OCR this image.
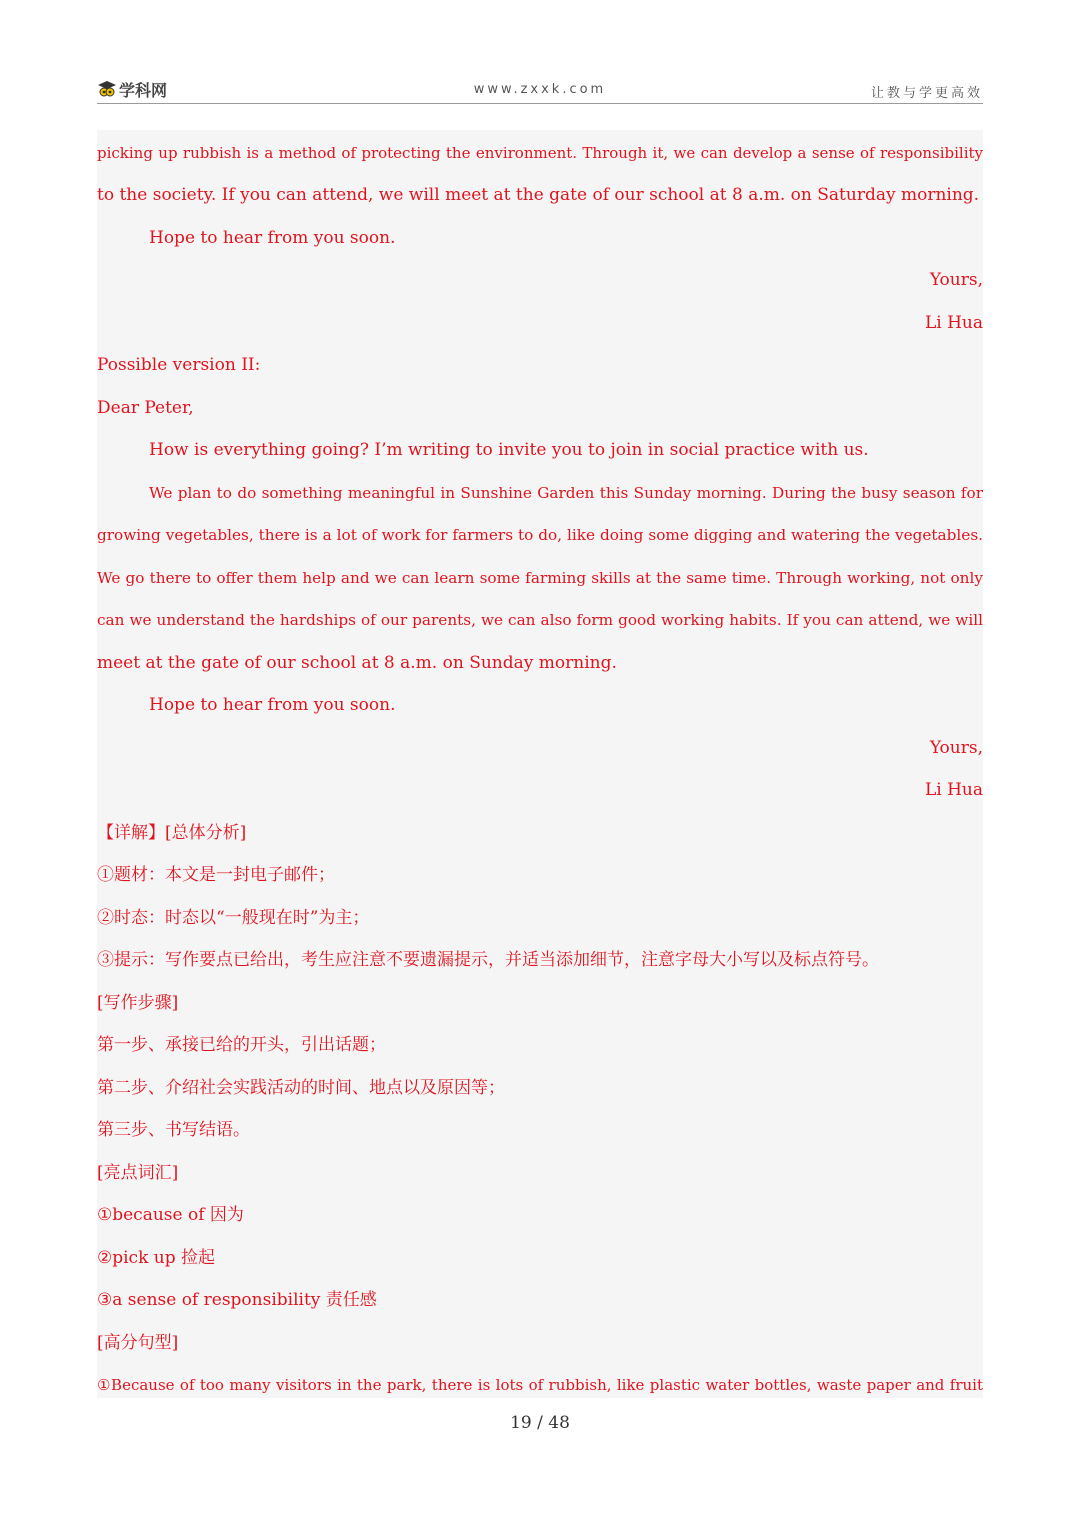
学科网	www.zxxk.com	让教与学更高效
picking up rubbish is a method of protecting the environment. Through it, we can develop a sense of responsibility
to the society. If you can attend, we will meet at the gate of our school at 8 a.m. on Saturday morning.
Hope to hear from you soon.
Yours,
Li Hua
Possible version II:
Dear Peter,
How is everything going? I’m writing to invite you to join in social practice with us.
We plan to do something meaningful in Sunshine Garden this Sunday morning. During the busy season for
growing vegetables, there is a lot of work for farmers to do, like doing some digging and watering the vegetables.
We go there to offer them help and we can learn some farming skills at the same time. Through working, not only
can we understand the hardships of our parents, we can also form good working habits. If you can attend, we will
meet at the gate of our school at 8 a.m. on Sunday morning.
Hope to hear from you soon.
Yours,
Li Hua
【详解】[总体分析]
①题材：本文是一封电子邮件；
②时态：时态以“一般现在时”为主；
③提示：写作要点已给出，考生应注意不要遗漏提示，并适当添加细节，注意字母大小写以及标点符号。
[写作步骤]
第一步、承接已给的开头，引出话题；
第二步、介绍社会实践活动的时间、地点以及原因等；
第三步、书写结语。
[亮点词汇]
①because of 因为
②pick up 捡起
③a sense of responsibility 责任感
[高分句型]
①Because of too many visitors in the park, there is lots of rubbish, like plastic water bottles, waste paper and fruit
19 / 48
